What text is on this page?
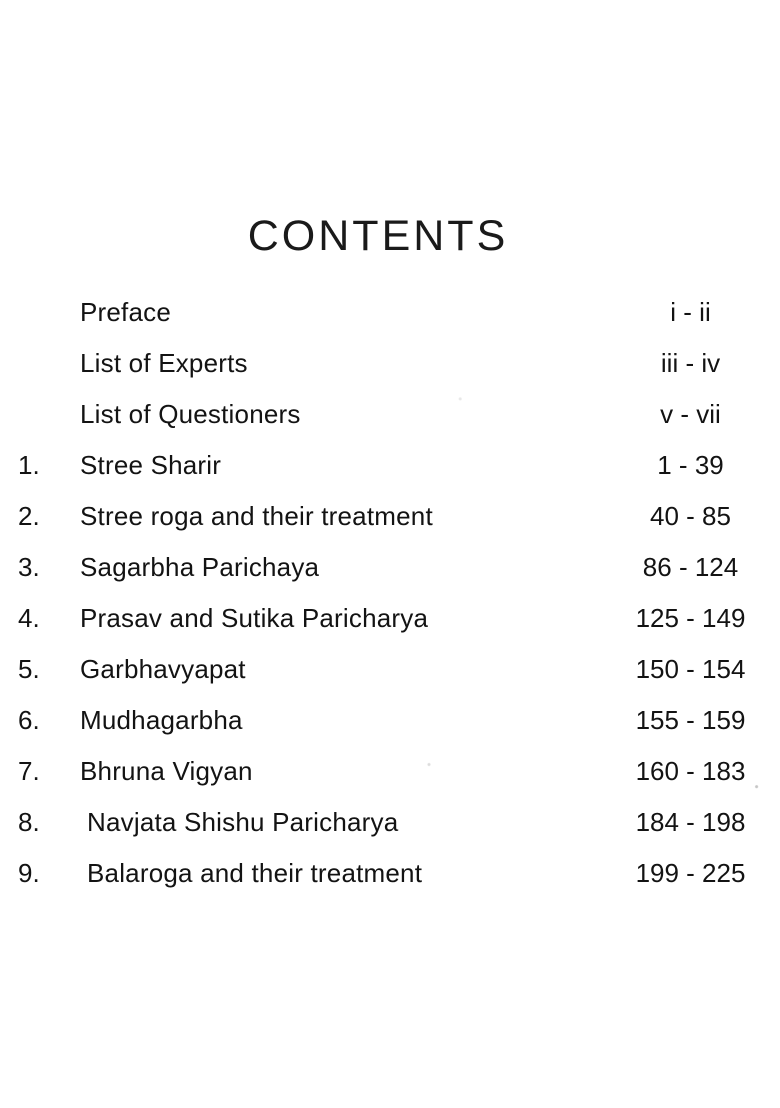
CONTENTS
Preface	i - ii
List of Experts	iii - iv
List of Questioners	v - vii
1.	Stree Sharir	1 - 39
2.	Stree roga and their treatment	40 - 85
3.	Sagarbha Parichaya	86 - 124
4.	Prasav and Sutika Paricharya	125 - 149
5.	Garbhavyapat	150 - 154
6.	Mudhagarbha	155 - 159
7.	Bhruna Vigyan	160 - 183
8.	Navjata Shishu Paricharya	184 - 198
9.	Balaroga and their treatment	199 - 225
